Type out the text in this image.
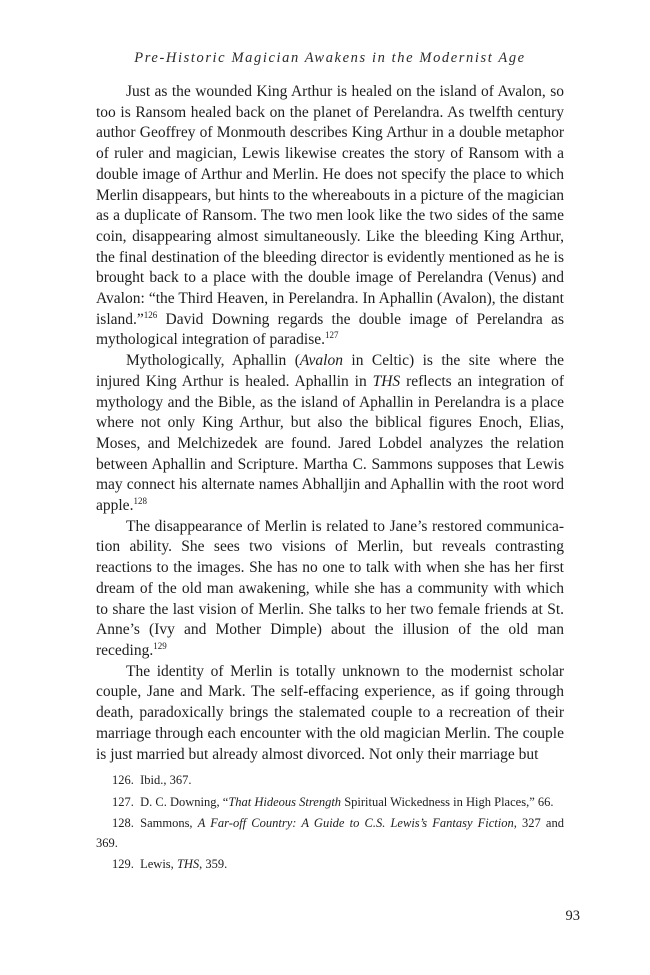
Pre-Historic Magician Awakens in the Modernist Age

Just as the wounded King Arthur is healed on the island of Avalon, so too is Ransom healed back on the planet of Perelandra. As twelfth century author Geoffrey of Monmouth describes King Arthur in a double metaphor of ruler and magician, Lewis likewise creates the story of Ransom with a double image of Arthur and Merlin. He does not specify the place to which Merlin disappears, but hints to the whereabouts in a picture of the magician as a duplicate of Ransom. The two men look like the two sides of the same coin, disappearing almost simultaneously. Like the bleeding King Arthur, the final destination of the bleeding director is evidently mentioned as he is brought back to a place with the double image of Perelandra (Venus) and Avalon: “the Third Heaven, in Perelandra. In Aphallin (Avalon), the distant island.”$^{126}$ David Downing regards the double image of Perelandra as mythological integration of paradise.$^{127}$

Mythologically, Aphallin (Avalon in Celtic) is the site where the injured King Arthur is healed. Aphallin in THS reflects an integration of mythology and the Bible, as the island of Aphallin in Perelandra is a place where not only King Arthur, but also the biblical figures Enoch, Elias, Moses, and Melchizedek are found. Jared Lobdel analyzes the relation between Aphallin and Scripture. Martha C. Sammons supposes that Lewis may connect his alternate names Abhalljin and Aphallin with the root word apple.$^{128}$

The disappearance of Merlin is related to Jane’s restored communication ability. She sees two visions of Merlin, but reveals contrasting reactions to the images. She has no one to talk with when she has her first dream of the old man awakening, while she has a community with which to share the last vision of Merlin. She talks to her two female friends at St. Anne’s (Ivy and Mother Dimple) about the illusion of the old man receding.$^{129}$

The identity of Merlin is totally unknown to the modernist scholar couple, Jane and Mark. The self-effacing experience, as if going through death, paradoxically brings the stalemated couple to a recreation of their marriage through each encounter with the old magician Merlin. The couple is just married but already almost divorced. Not only their marriage but

126. Ibid., 367.

127. D. C. Downing, “That Hideous Strength Spiritual Wickedness in High Places,” 66.

128. Sammons, A Far-off Country: A Guide to C.S. Lewis’s Fantasy Fiction, 327 and 369.

129. Lewis, THS, 359.

93
